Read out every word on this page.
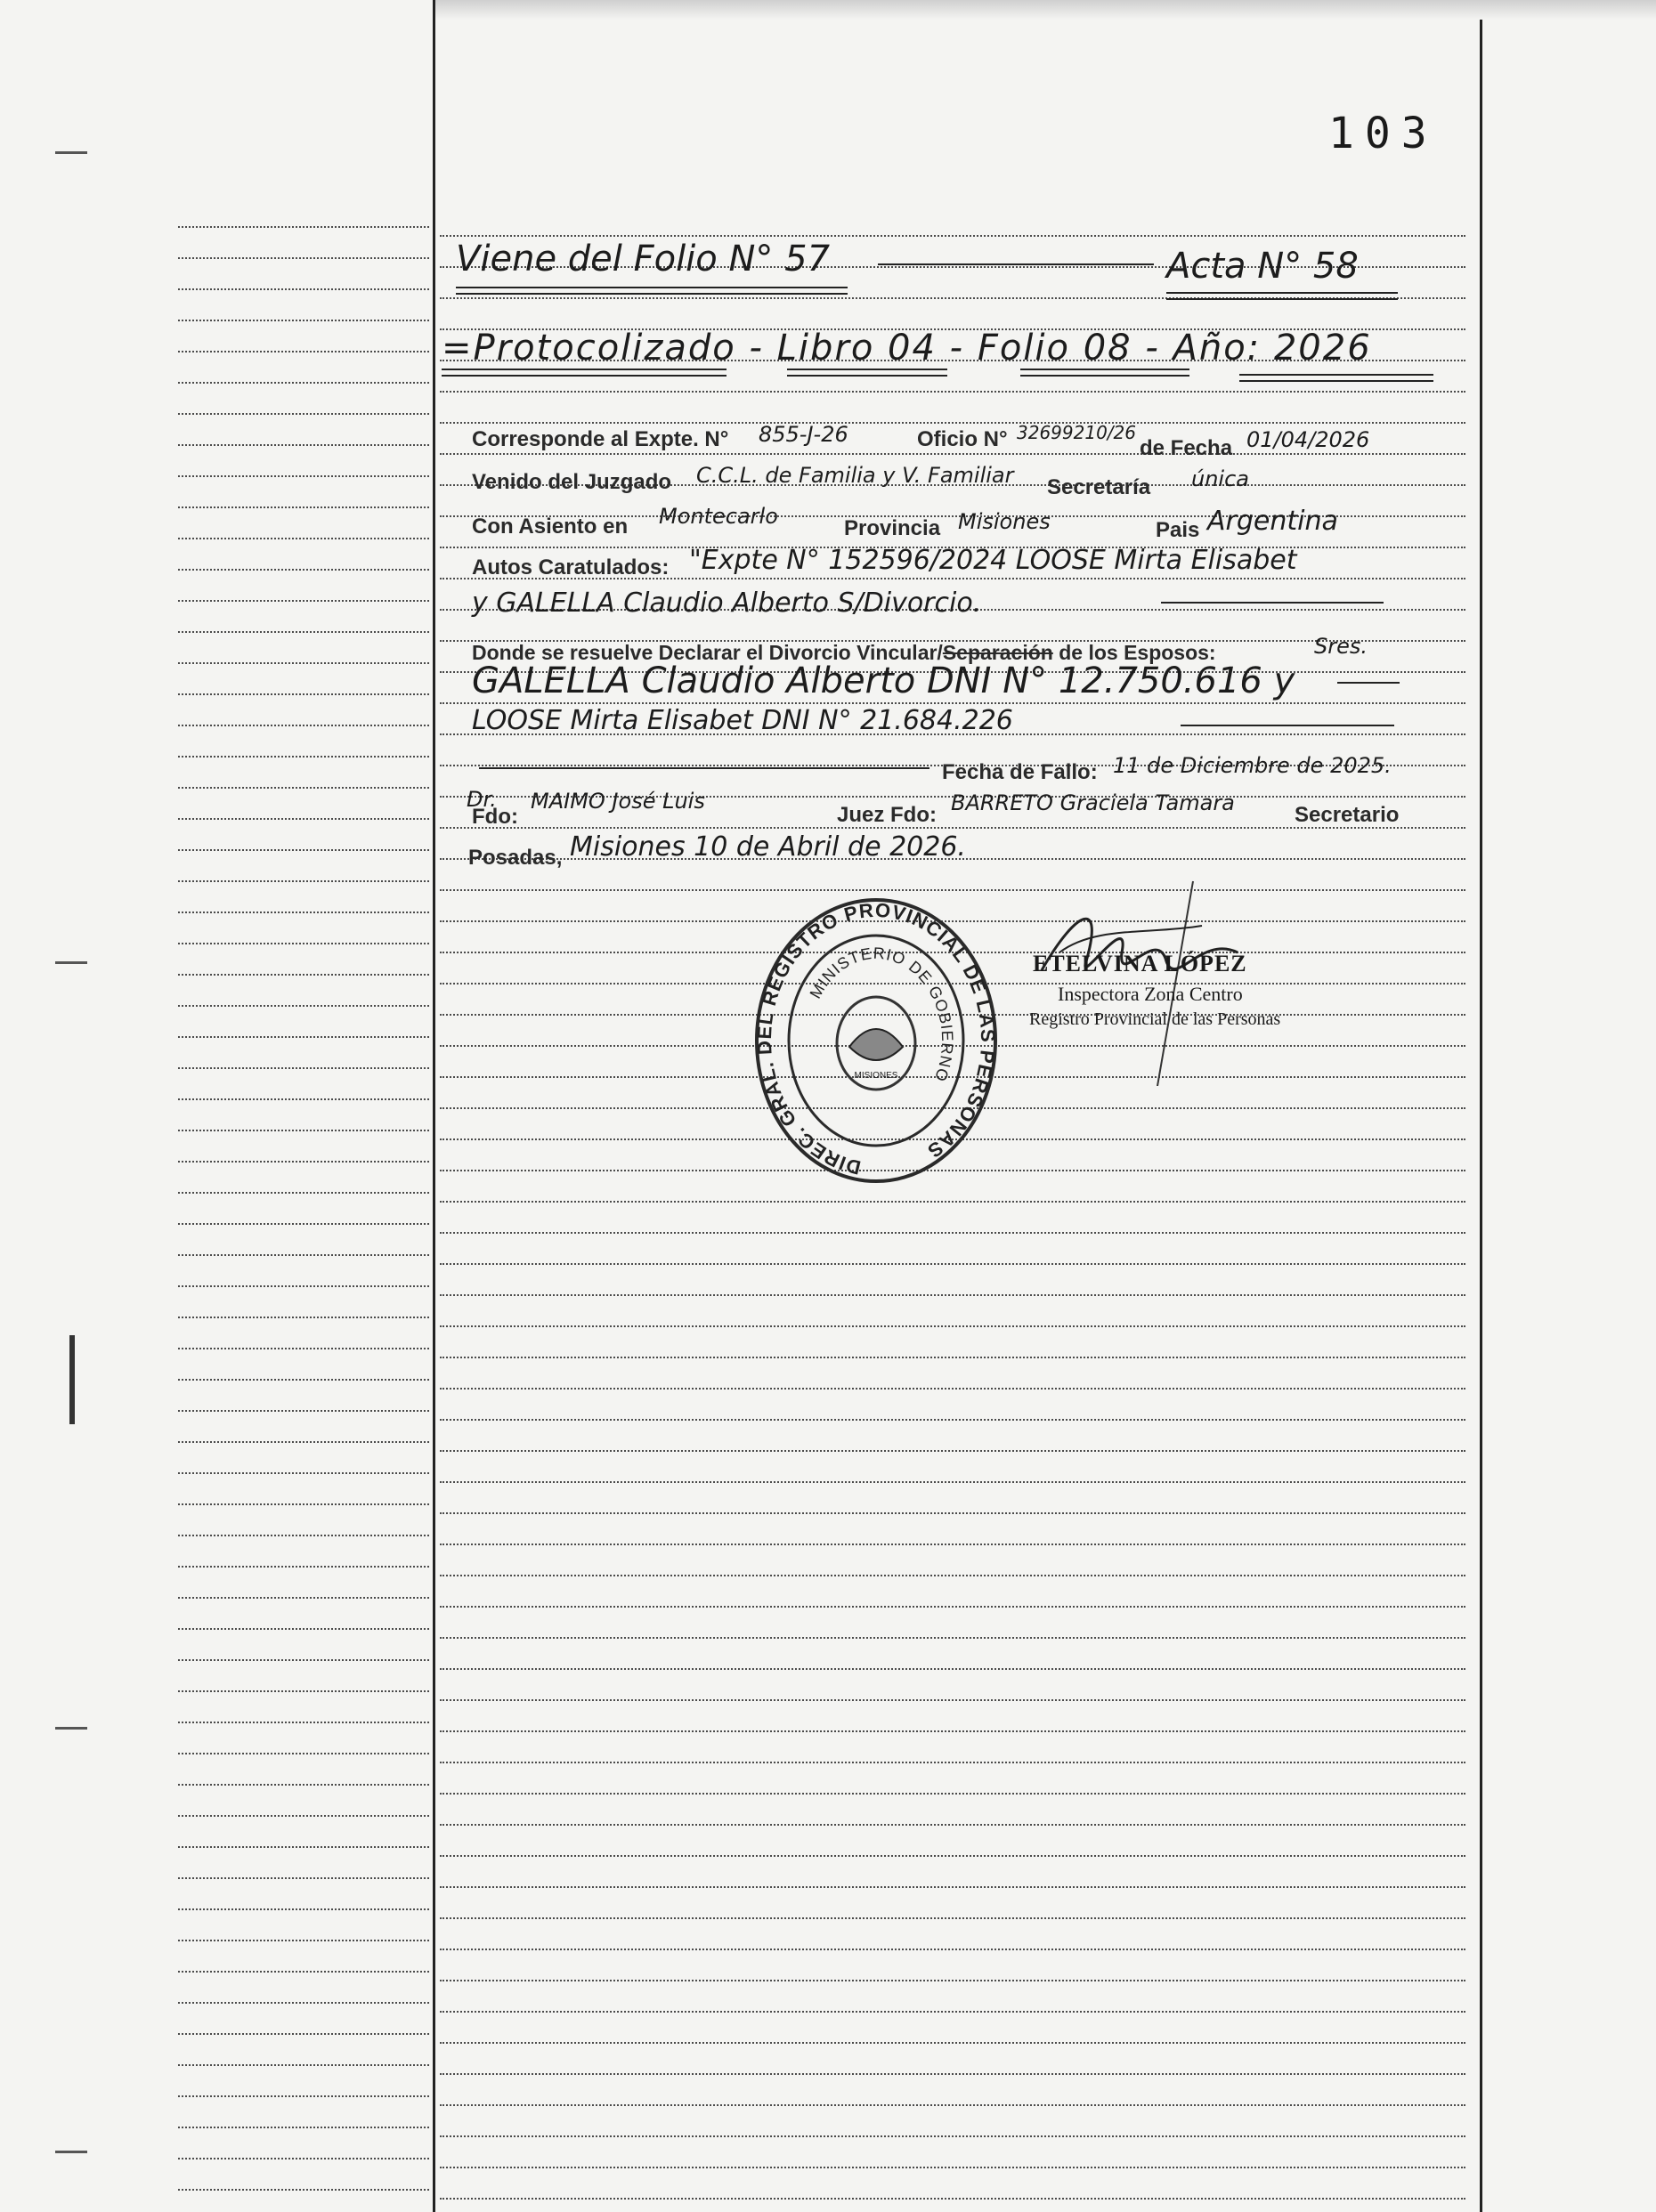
103
Viene del Folio N° 57	Acta N° 58
=Protocolizado - Libro 04 - Folio 08 - Año: 2026
Corresponde al Expte. N° 855-J-26	Oficio N° 32699210/26
de Fecha 01/04/2026
Venido del Juzgado C.C.L. de Familia y V. Familiar Secretaría única
Con Asiento en Montecarlo	Provincia Misiones	Pais Argentina
Autos Caratulados: "Expte N° 152596/2024 LOOSE Mirta Elisabet
y GALELLA Claudio Alberto S/Divorcio.
Donde se resuelve Declarar el Divorcio Vincular/Separación de los Esposos:	Sres.
GALELLA Claudio Alberto DNI N° 12.750.616 y
LOOSE Mirta Elisabet DNI N° 21.684.226
Fecha de Fallo: 11 de Diciembre de 2025.
Dr.
Fdo:
MAIMO José Luis
Juez Fdo: BARRETO Graciela Tamara	Secretario
Posadas, Misiones 10 de Abril de 2026.
DIREC. GRAL. DEL REGISTRO PROVINCIAL DE LAS PERSONAS
MINISTERIO DE GOBIERNO
MISIONES
ETELVINA LÓPEZ
Inspectora Zona Centro
Registro Provincial de las Personas
